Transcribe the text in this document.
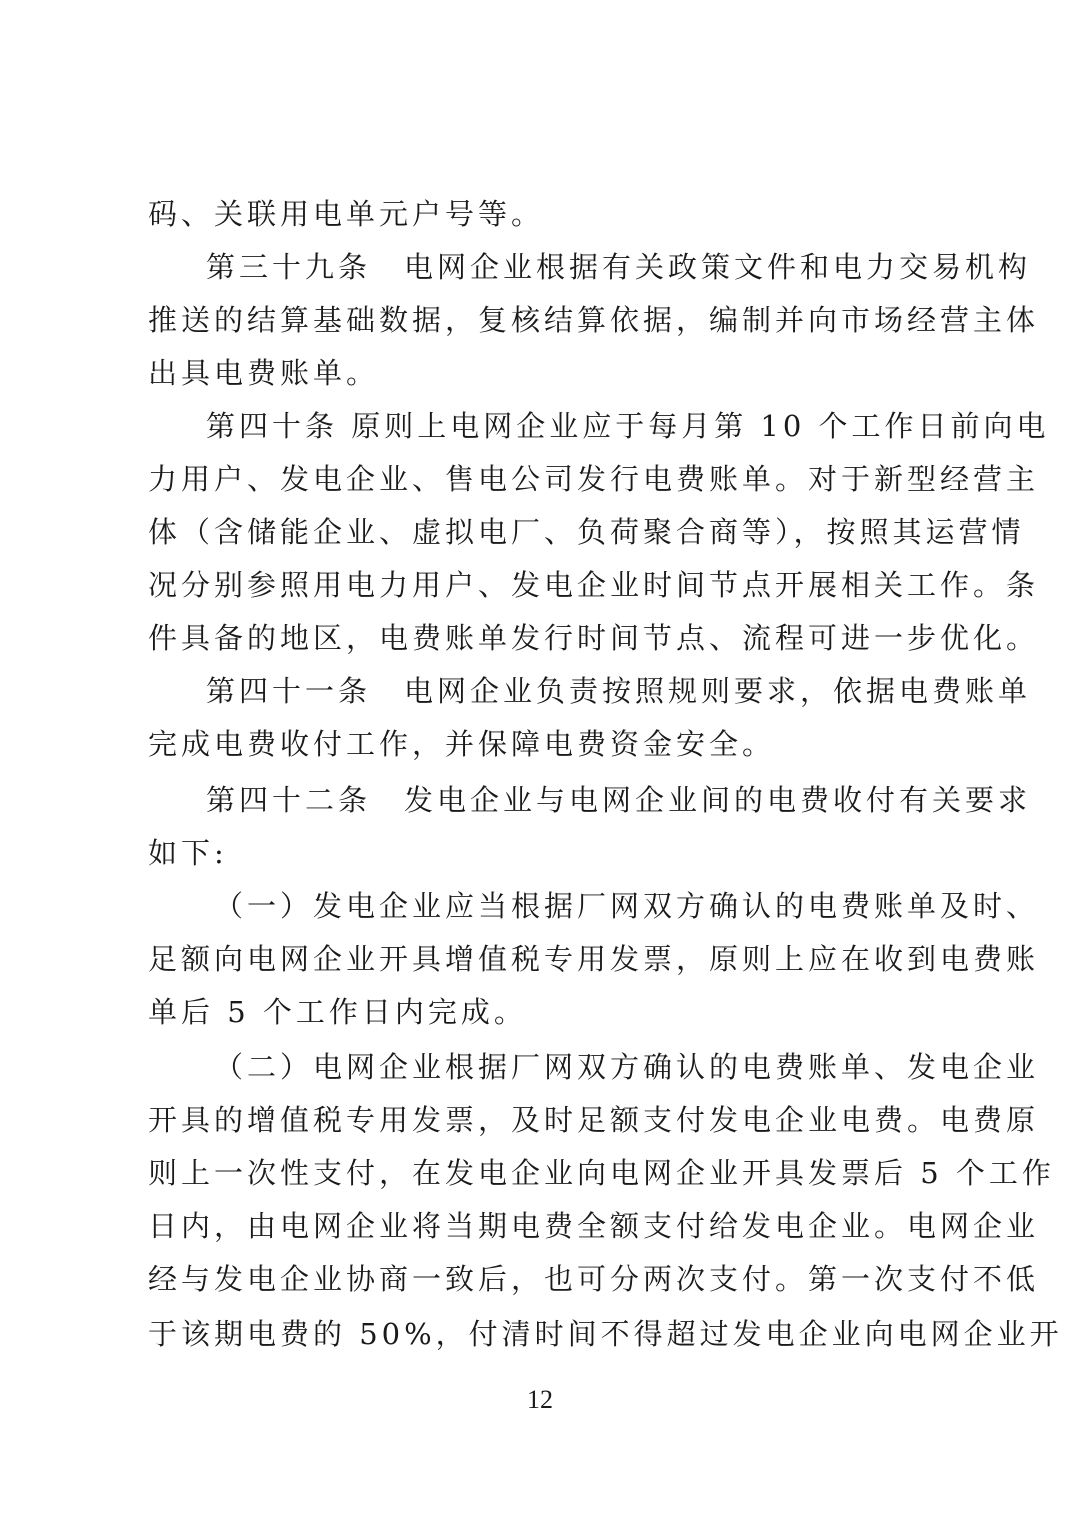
码、关联用电单元户号等。
第三十九条　电网企业根据有关政策文件和电力交易机构
推送的结算基础数据，复核结算依据，编制并向市场经营主体
出具电费账单。
第四十条 原则上电网企业应于每月第 10 个工作日前向电
力用户、发电企业、售电公司发行电费账单。对于新型经营主
体（含储能企业、虚拟电厂、负荷聚合商等），按照其运营情
况分别参照用电力用户、发电企业时间节点开展相关工作。条
件具备的地区，电费账单发行时间节点、流程可进一步优化。
第四十一条　电网企业负责按照规则要求，依据电费账单
完成电费收付工作，并保障电费资金安全。
第四十二条　发电企业与电网企业间的电费收付有关要求
如下:
（一）发电企业应当根据厂网双方确认的电费账单及时、
足额向电网企业开具增值税专用发票，原则上应在收到电费账
单后 5 个工作日内完成。
（二）电网企业根据厂网双方确认的电费账单、发电企业
开具的增值税专用发票，及时足额支付发电企业电费。电费原
则上一次性支付，在发电企业向电网企业开具发票后 5 个工作
日内，由电网企业将当期电费全额支付给发电企业。电网企业
经与发电企业协商一致后，也可分两次支付。第一次支付不低
于该期电费的 50%，付清时间不得超过发电企业向电网企业开
12
